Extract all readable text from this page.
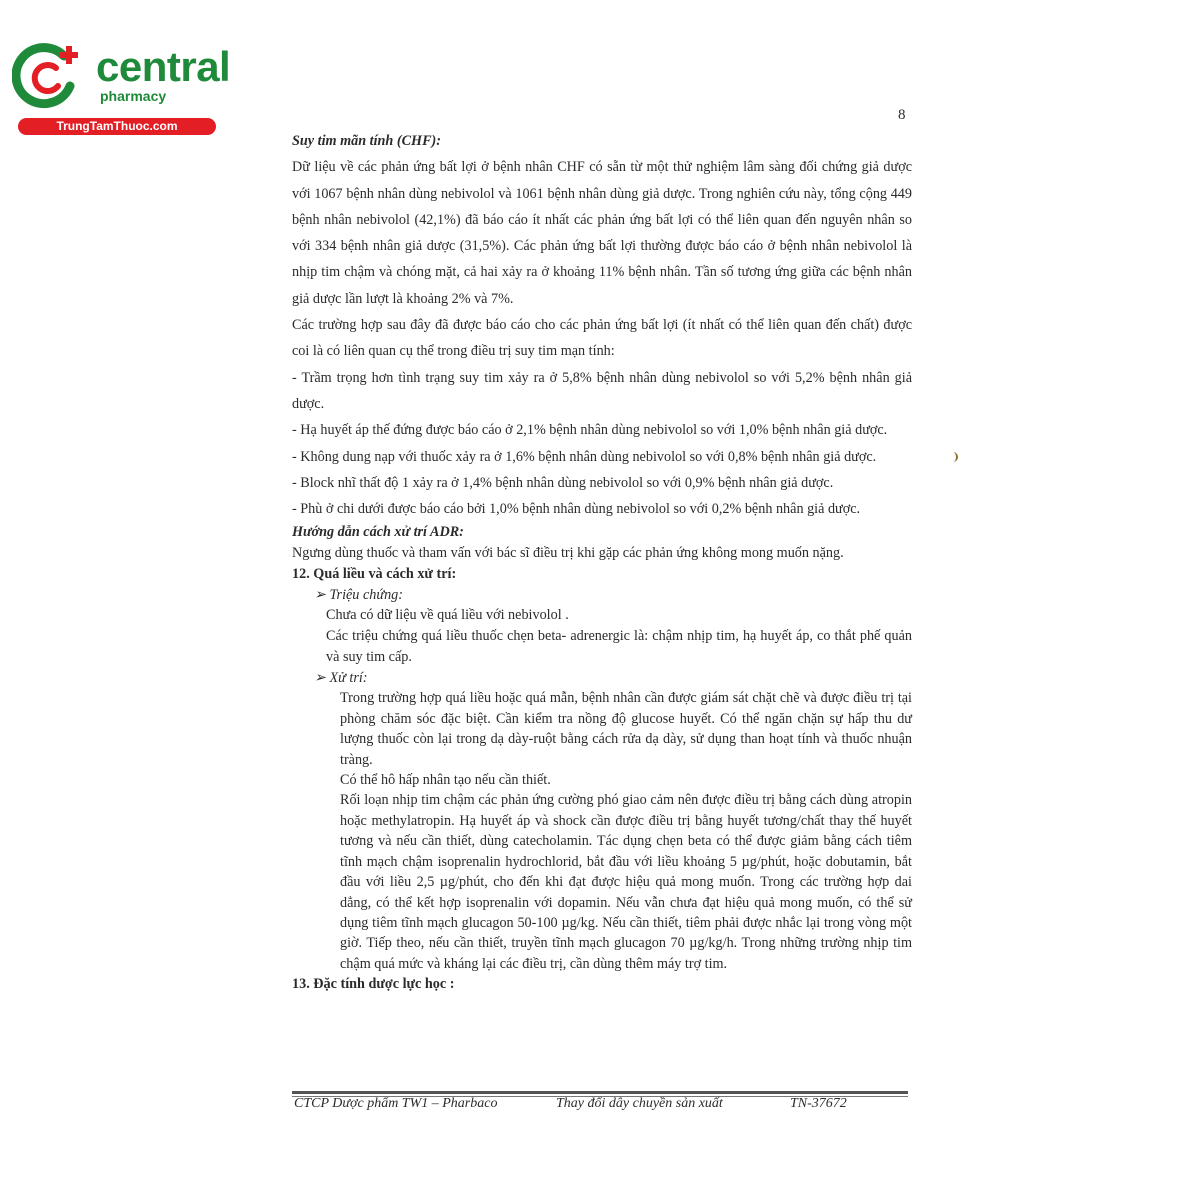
central
pharmacy
TrungTamThuoc.com
8

Suy tim mãn tính (CHF):

Dữ liệu về các phản ứng bất lợi ở bệnh nhân CHF có sẵn từ một thử nghiệm lâm sàng đối chứng giả dược với 1067 bệnh nhân dùng nebivolol và 1061 bệnh nhân dùng giả dược. Trong nghiên cứu này, tổng cộng 449 bệnh nhân nebivolol (42,1%) đã báo cáo ít nhất các phản ứng bất lợi có thể liên quan đến nguyên nhân so với 334 bệnh nhân giả dược (31,5%). Các phản ứng bất lợi thường được báo cáo ở bệnh nhân nebivolol là nhịp tim chậm và chóng mặt, cả hai xảy ra ở khoảng 11% bệnh nhân. Tần số tương ứng giữa các bệnh nhân giả dược lần lượt là khoảng 2% và 7%.

Các trường hợp sau đây đã được báo cáo cho các phản ứng bất lợi (ít nhất có thể liên quan đến chất) được coi là có liên quan cụ thể trong điều trị suy tim mạn tính:

- Trầm trọng hơn tình trạng suy tim xảy ra ở 5,8% bệnh nhân dùng nebivolol so với 5,2% bệnh nhân giả dược.

- Hạ huyết áp thế đứng được báo cáo ở 2,1% bệnh nhân dùng nebivolol so với 1,0% bệnh nhân giả dược.

- Không dung nạp với thuốc xảy ra ở 1,6% bệnh nhân dùng nebivolol so với 0,8% bệnh nhân giả dược.

- Block nhĩ thất độ 1 xảy ra ở 1,4% bệnh nhân dùng nebivolol so với 0,9% bệnh nhân giả dược.

- Phù ở chi dưới được báo cáo bởi 1,0% bệnh nhân dùng nebivolol so với 0,2% bệnh nhân giả dược.

Hướng dẫn cách xử trí ADR:

Ngưng dùng thuốc và tham vấn với bác sĩ điều trị khi gặp các phản ứng không mong muốn nặng.

12. Quá liều và cách xử trí:

➢ Triệu chứng:

Chưa có dữ liệu về quá liều với nebivolol .

Các triệu chứng quá liều thuốc chẹn beta- adrenergic là: chậm nhịp tim, hạ huyết áp, co thắt phế quản và suy tim cấp.

➢ Xử trí:

Trong trường hợp quá liều hoặc quá mẫn, bệnh nhân cần được giám sát chặt chẽ và được điều trị tại phòng chăm sóc đặc biệt. Cần kiểm tra nồng độ glucose huyết. Có thể ngăn chặn sự hấp thu dư lượng thuốc còn lại trong dạ dày-ruột bằng cách rửa dạ dày, sử dụng than hoạt tính và thuốc nhuận tràng.

Có thể hô hấp nhân tạo nếu cần thiết.

Rối loạn nhịp tim chậm các phản ứng cường phó giao cảm nên được điều trị bằng cách dùng atropin hoặc methylatropin. Hạ huyết áp và shock cần được điều trị bằng huyết tương/chất thay thế huyết tương và nếu cần thiết, dùng catecholamin. Tác dụng chẹn beta có thể được giảm bằng cách tiêm tĩnh mạch chậm isoprenalin hydrochlorid, bắt đầu với liều khoảng 5 µg/phút, hoặc dobutamin, bắt đầu với liều 2,5 µg/phút, cho đến khi đạt được hiệu quả mong muốn. Trong các trường hợp dai dẳng, có thể kết hợp isoprenalin với dopamin. Nếu vẫn chưa đạt hiệu quả mong muốn, có thể sử dụng tiêm tĩnh mạch glucagon 50-100 µg/kg. Nếu cần thiết, tiêm phải được nhắc lại trong vòng một giờ. Tiếp theo, nếu cần thiết, truyền tĩnh mạch glucagon 70 µg/kg/h. Trong những trường nhịp tim chậm quá mức và kháng lại các điều trị, cần dùng thêm máy trợ tim.

13. Đặc tính dược lực học :

CTCP Dược phẩm TW1 – Pharbaco	Thay đổi dây chuyền sản xuất	TN-37672
